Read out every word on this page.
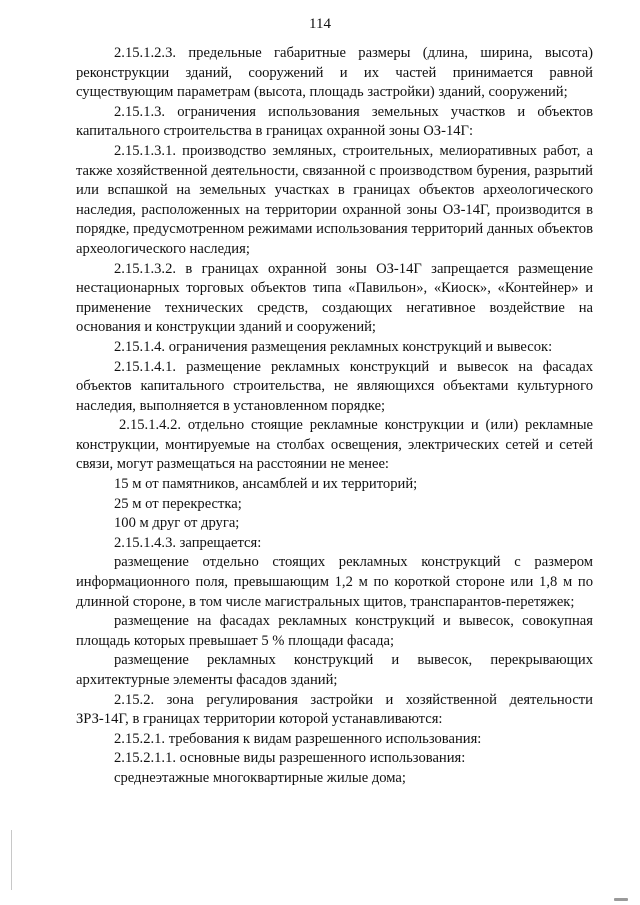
114

2.15.1.2.3. предельные габаритные размеры (длина, ширина, высота) реконструкции зданий, сооружений и их частей принимается равной существующим параметрам (высота, площадь застройки) зданий, сооружений;

2.15.1.3. ограничения использования земельных участков и объектов капитального строительства в границах охранной зоны ОЗ-14Г:

2.15.1.3.1. производство земляных, строительных, мелиоративных работ, а также хозяйственной деятельности, связанной с производством бурения, разрытий или вспашкой на земельных участках в границах объектов археологического наследия, расположенных на территории охранной зоны ОЗ-14Г, производится в порядке, предусмотренном режимами использования территорий данных объектов археологического наследия;

2.15.1.3.2. в границах охранной зоны ОЗ-14Г запрещается размещение нестационарных торговых объектов типа «Павильон», «Киоск», «Контейнер» и применение технических средств, создающих негативное воздействие на основания и конструкции зданий и сооружений;

2.15.1.4. ограничения размещения рекламных конструкций и вывесок:

2.15.1.4.1. размещение рекламных конструкций и вывесок на фасадах объектов капитального строительства, не являющихся объектами культурного наследия, выполняется в установленном порядке;

2.15.1.4.2. отдельно стоящие рекламные конструкции и (или) рекламные конструкции, монтируемые на столбах освещения, электрических сетей и сетей связи, могут размещаться на расстоянии не менее:

15 м от памятников, ансамблей и их территорий;

25 м от перекрестка;

100 м друг от друга;

2.15.1.4.3. запрещается:

размещение отдельно стоящих рекламных конструкций с размером информационного поля, превышающим 1,2 м по короткой стороне или 1,8 м по длинной стороне, в том числе магистральных щитов, транспарантов-перетяжек;

размещение на фасадах рекламных конструкций и вывесок, совокупная площадь которых превышает 5 % площади фасада;

размещение рекламных конструкций и вывесок, перекрывающих архитектурные элементы фасадов зданий;

2.15.2. зона регулирования застройки и хозяйственной деятельности ЗРЗ-14Г, в границах территории которой устанавливаются:

2.15.2.1. требования к видам разрешенного использования:

2.15.2.1.1. основные виды разрешенного использования:

среднеэтажные многоквартирные жилые дома;
